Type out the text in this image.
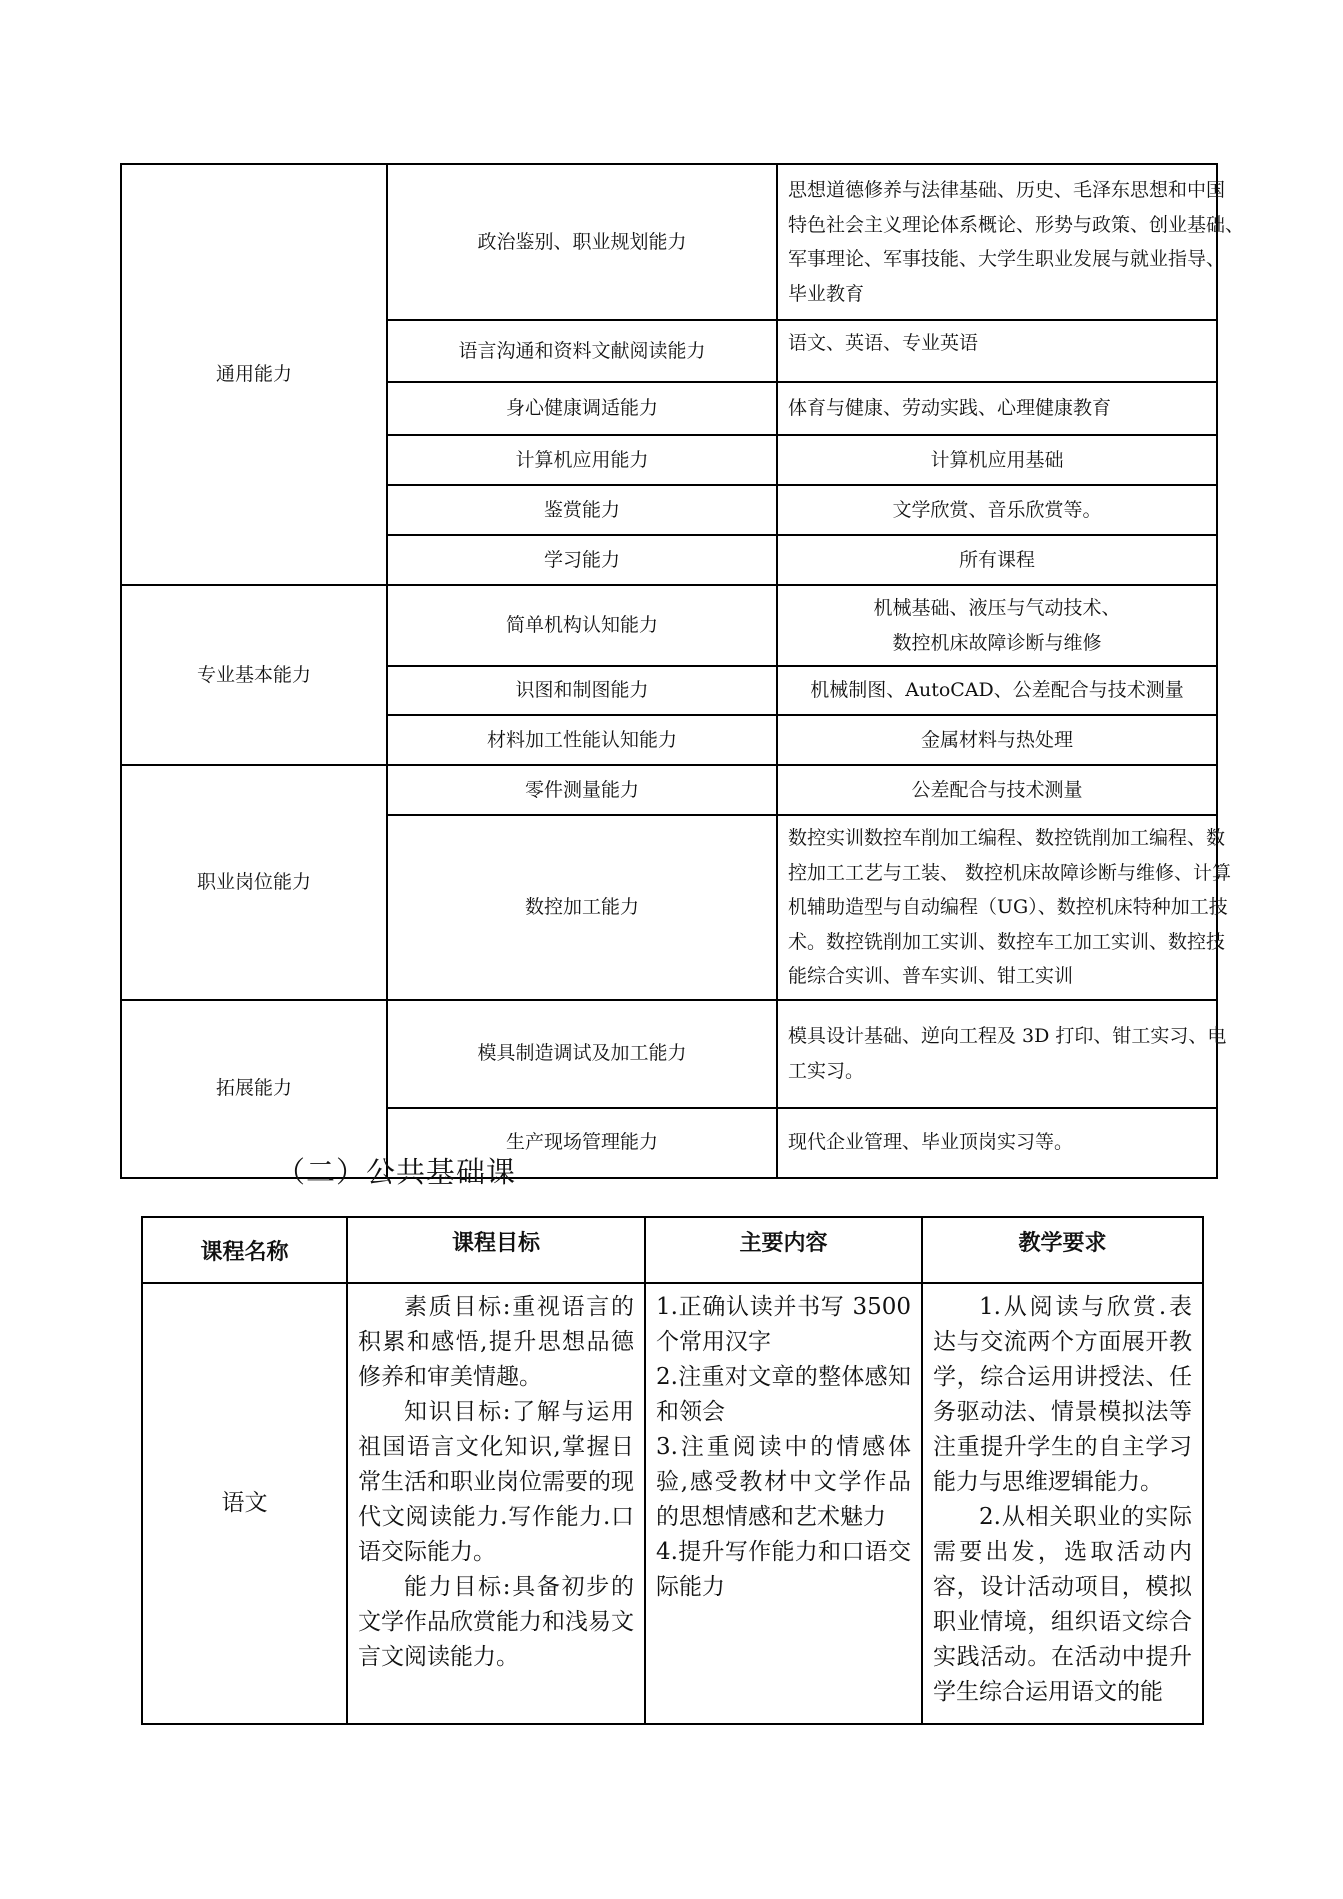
通用能力	政治鉴别、职业规划能力	思想道德修养与法律基础、历史、毛泽东思想和中国
特色社会主义理论体系概论、形势与政策、创业基础、
军事理论、军事技能、大学生职业发展与就业指导、
毕业教育

	语言沟通和资料文献阅读能力	语文、英语、专业英语

	身心健康调适能力	体育与健康、劳动实践、心理健康教育

	计算机应用能力	计算机应用基础

	鉴赏能力	文学欣赏、音乐欣赏等。

	学习能力	所有课程

专业基本能力	简单机构认知能力	机械基础、液压与气动技术、
数控机床故障诊断与维修

	识图和制图能力	机械制图、AutoCAD、公差配合与技术测量

	材料加工性能认知能力	金属材料与热处理

职业岗位能力	零件测量能力	公差配合与技术测量

	数控加工能力	数控实训数控车削加工编程、数控铣削加工编程、数
控加工工艺与工装、 数控机床故障诊断与维修、计算
机辅助造型与自动编程（UG）、数控机床特种加工技
术。数控铣削加工实训、数控车工加工实训、数控技
能综合实训、普车实训、钳工实训

拓展能力	模具制造调试及加工能力	模具设计基础、逆向工程及 3D 打印、钳工实习、电
工实习。

	生产现场管理能力	现代企业管理、毕业顶岗实习等。
（二）公共基础课
课程名称	课程目标	主要内容	教学要求
语文	素质目标:重视语言的积累和感悟,提升思想品德修养和审美情趣。
知识目标:了解与运用祖国语言文化知识,掌握日常生活和职业岗位需要的现代文阅读能力.写作能力.口语交际能力。
能力目标:具备初步的文学作品欣赏能力和浅易文言文阅读能力。	1.正确认读并书写 3500 个常用汉字
2.注重对文章的整体感知和领会
3.注重阅读中的情感体验,感受教材中文学作品的思想情感和艺术魅力
4.提升写作能力和口语交际能力	1.从阅读与欣赏.表达与交流两个方面展开教学，综合运用讲授法、任务驱动法、情景模拟法等注重提升学生的自主学习能力与思维逻辑能力。
2.从相关职业的实际需要出发，选取活动内容，设计活动项目，模拟职业情境，组织语文综合实践活动。在活动中提升学生综合运用语文的能
